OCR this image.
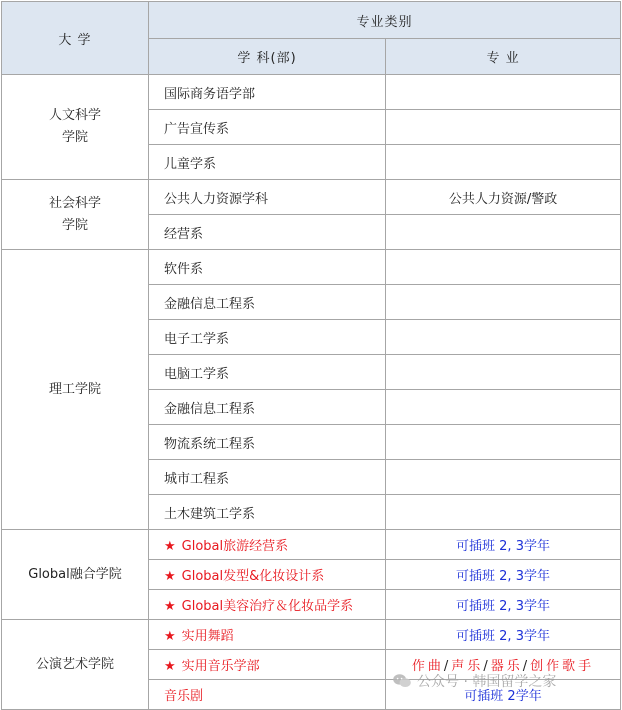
大 学	专业类别	
	学 科(部)	专 业

人文科学
学院	国际商务语学部	
	广告宣传系	
	儿童学系	

社会科学
学院	公共人力资源学科	公共人力资源/警政
	经营系	
理工学院	软件系	
	金融信息工程系	
	电子工学系	
	电脑工学系	
	金融信息工程系	
	物流系统工程系	
	城市工程系	
	土木建筑工学系	
Global融合学院	★ Global旅游经营系	可插班 2, 3学年
	★ Global发型&化妆设计系	可插班 2, 3学年
	★ Global美容治疗＆化妆品学系	可插班 2, 3学年
公演艺术学院	★ 实用舞蹈	可插班 2, 3学年
	★ 实用音乐学部	作曲/声乐/器乐/创作歌手
	音乐剧	可插班 2学年
公众号 · 韩国留学之家
